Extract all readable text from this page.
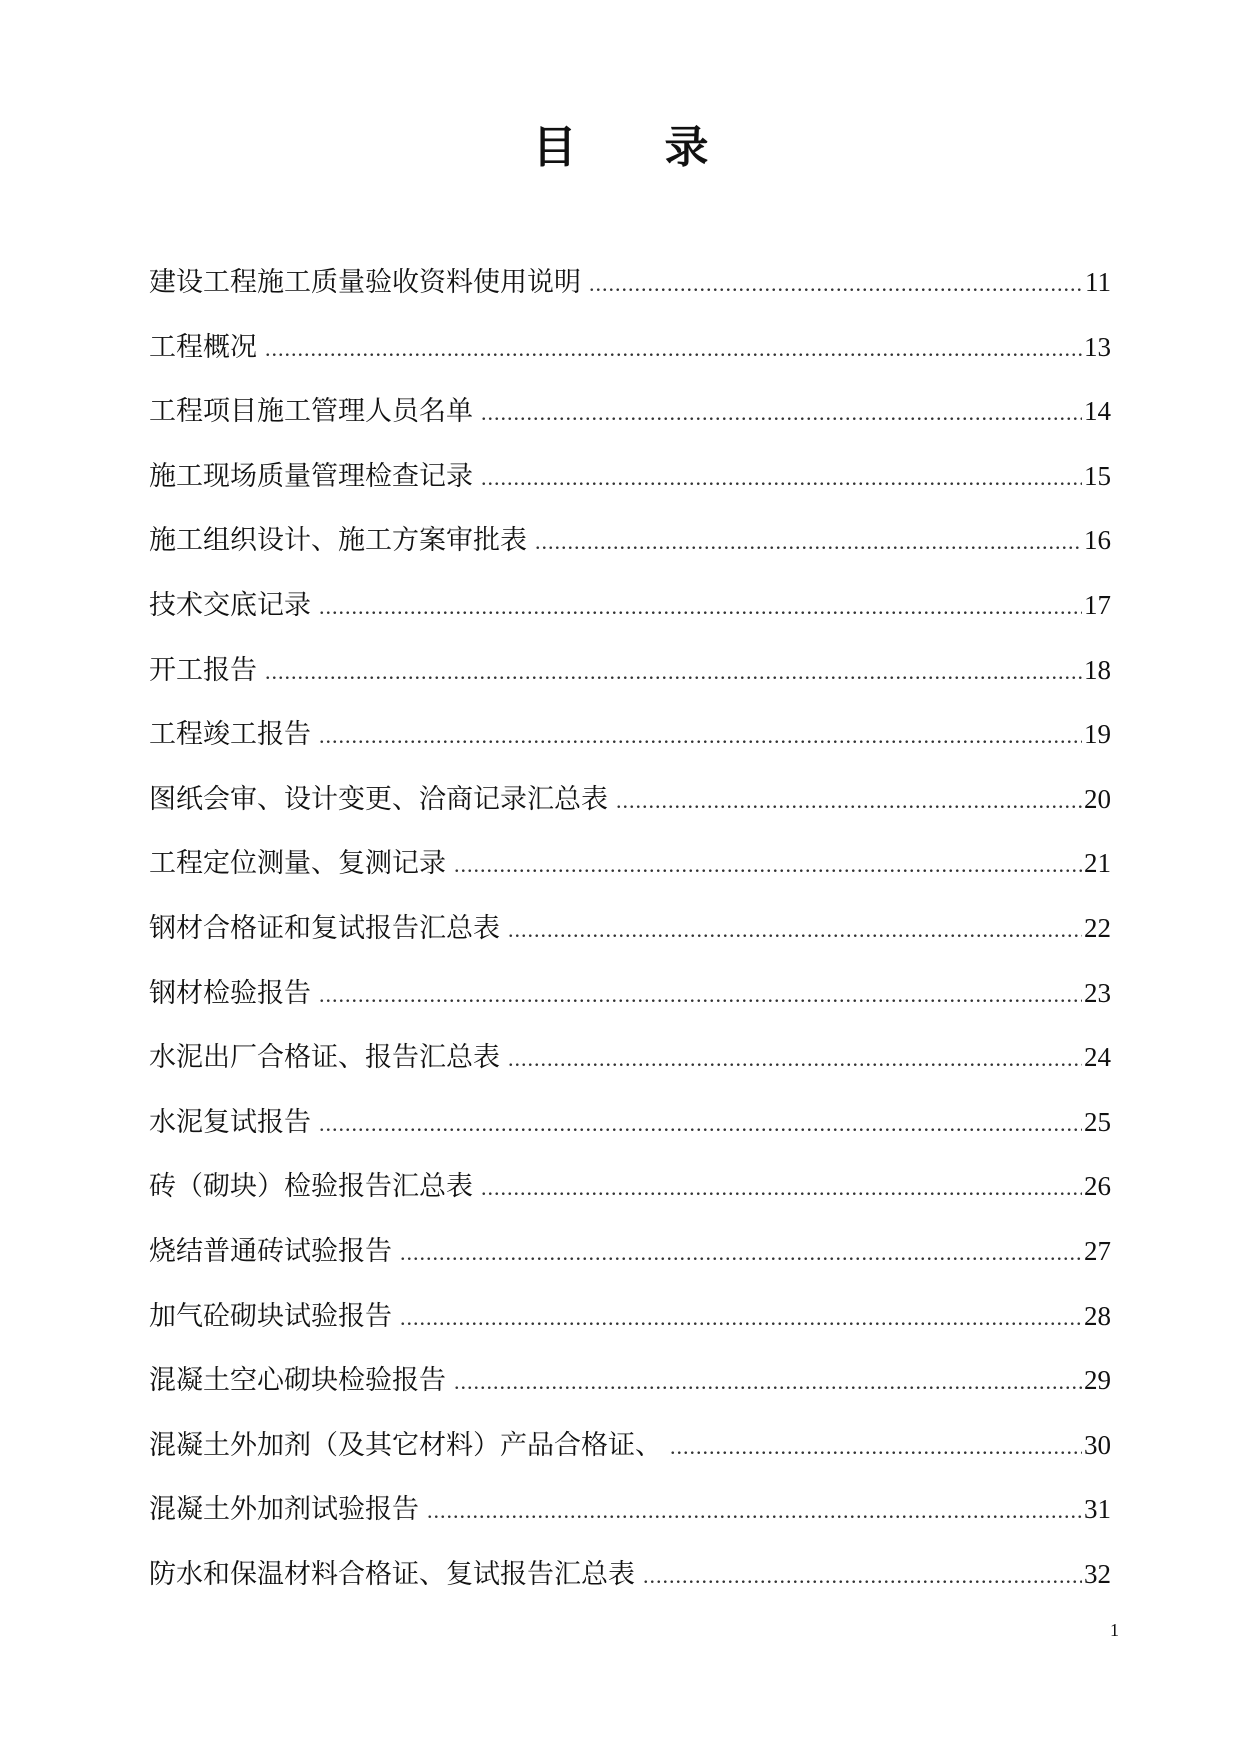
目录
建设工程施工质量验收资料使用说明 .....	11
工程概况 .....	13
工程项目施工管理人员名单 .....	14
施工现场质量管理检查记录 .....	15
施工组织设计、施工方案审批表 .....	16
技术交底记录 .....	17
开工报告 .....	18
工程竣工报告 .....	19
图纸会审、设计变更、洽商记录汇总表 .....	20
工程定位测量、复测记录 .....	21
钢材合格证和复试报告汇总表 .....	22
钢材检验报告 .....	23
水泥出厂合格证、报告汇总表 .....	24
水泥复试报告 .....	25
砖（砌块）检验报告汇总表 .....	26
烧结普通砖试验报告 .....	27
加气砼砌块试验报告 .....	28
混凝土空心砌块检验报告 .....	29
混凝土外加剂（及其它材料）产品合格证、 .....	30
混凝土外加剂试验报告 .....	31
防水和保温材料合格证、复试报告汇总表 .....	32
1
